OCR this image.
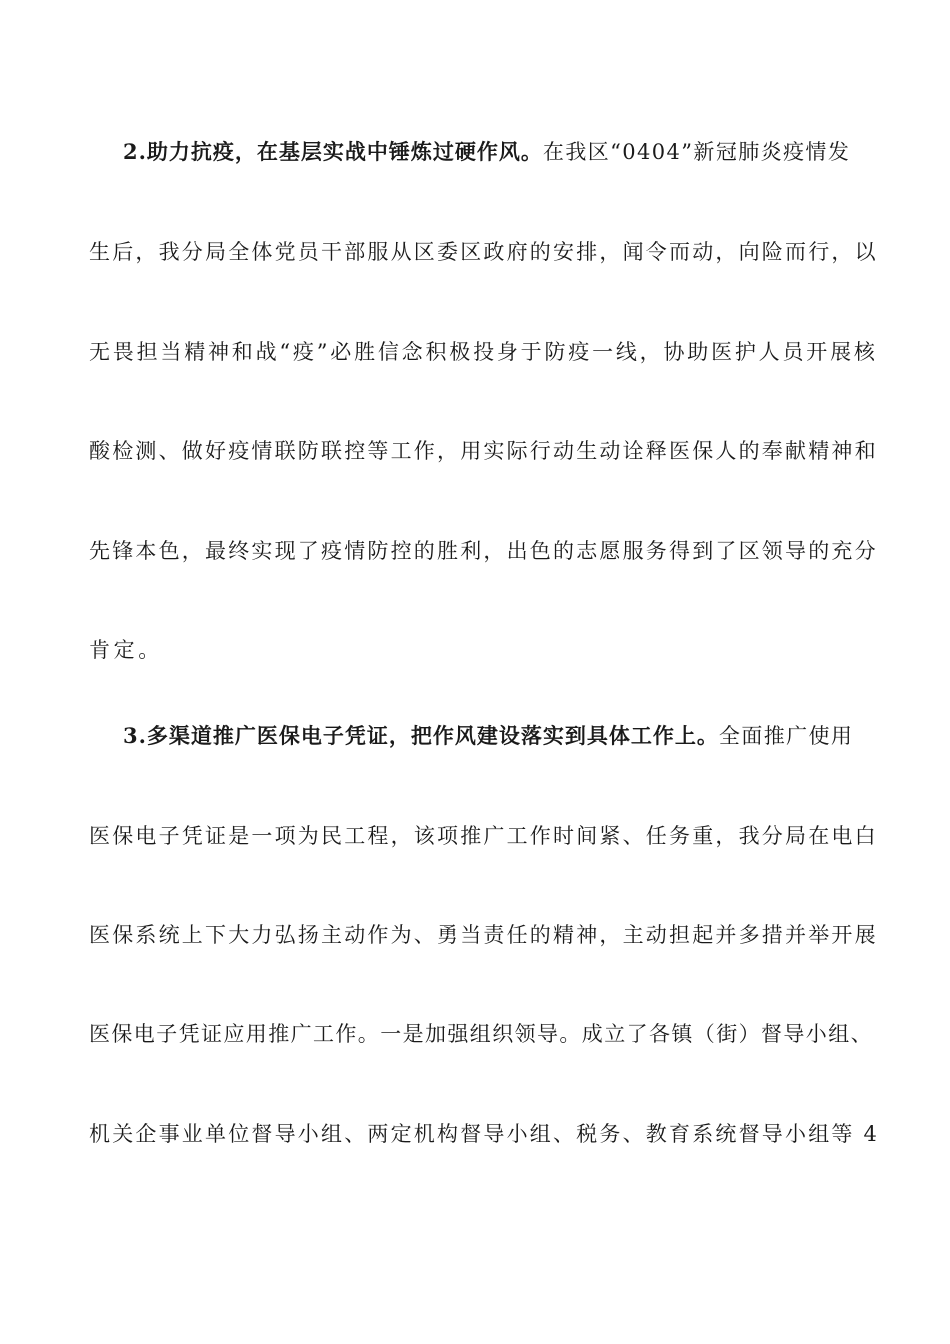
2.助力抗疫，在基层实战中锤炼过硬作风。在我区“0404”新冠肺炎疫情发
生后，我分局全体党员干部服从区委区政府的安排，闻令而动，向险而行，以
无畏担当精神和战“疫”必胜信念积极投身于防疫一线，协助医护人员开展核
酸检测、做好疫情联防联控等工作，用实际行动生动诠释医保人的奉献精神和
先锋本色，最终实现了疫情防控的胜利，出色的志愿服务得到了区领导的充分
肯定。
3.多渠道推广医保电子凭证，把作风建设落实到具体工作上。全面推广使用
医保电子凭证是一项为民工程，该项推广工作时间紧、任务重，我分局在电白
医保系统上下大力弘扬主动作为、勇当责任的精神，主动担起并多措并举开展
医保电子凭证应用推广工作。一是加强组织领导。成立了各镇（街）督导小组、
机关企事业单位督导小组、两定机构督导小组、税务、教育系统督导小组等 4
